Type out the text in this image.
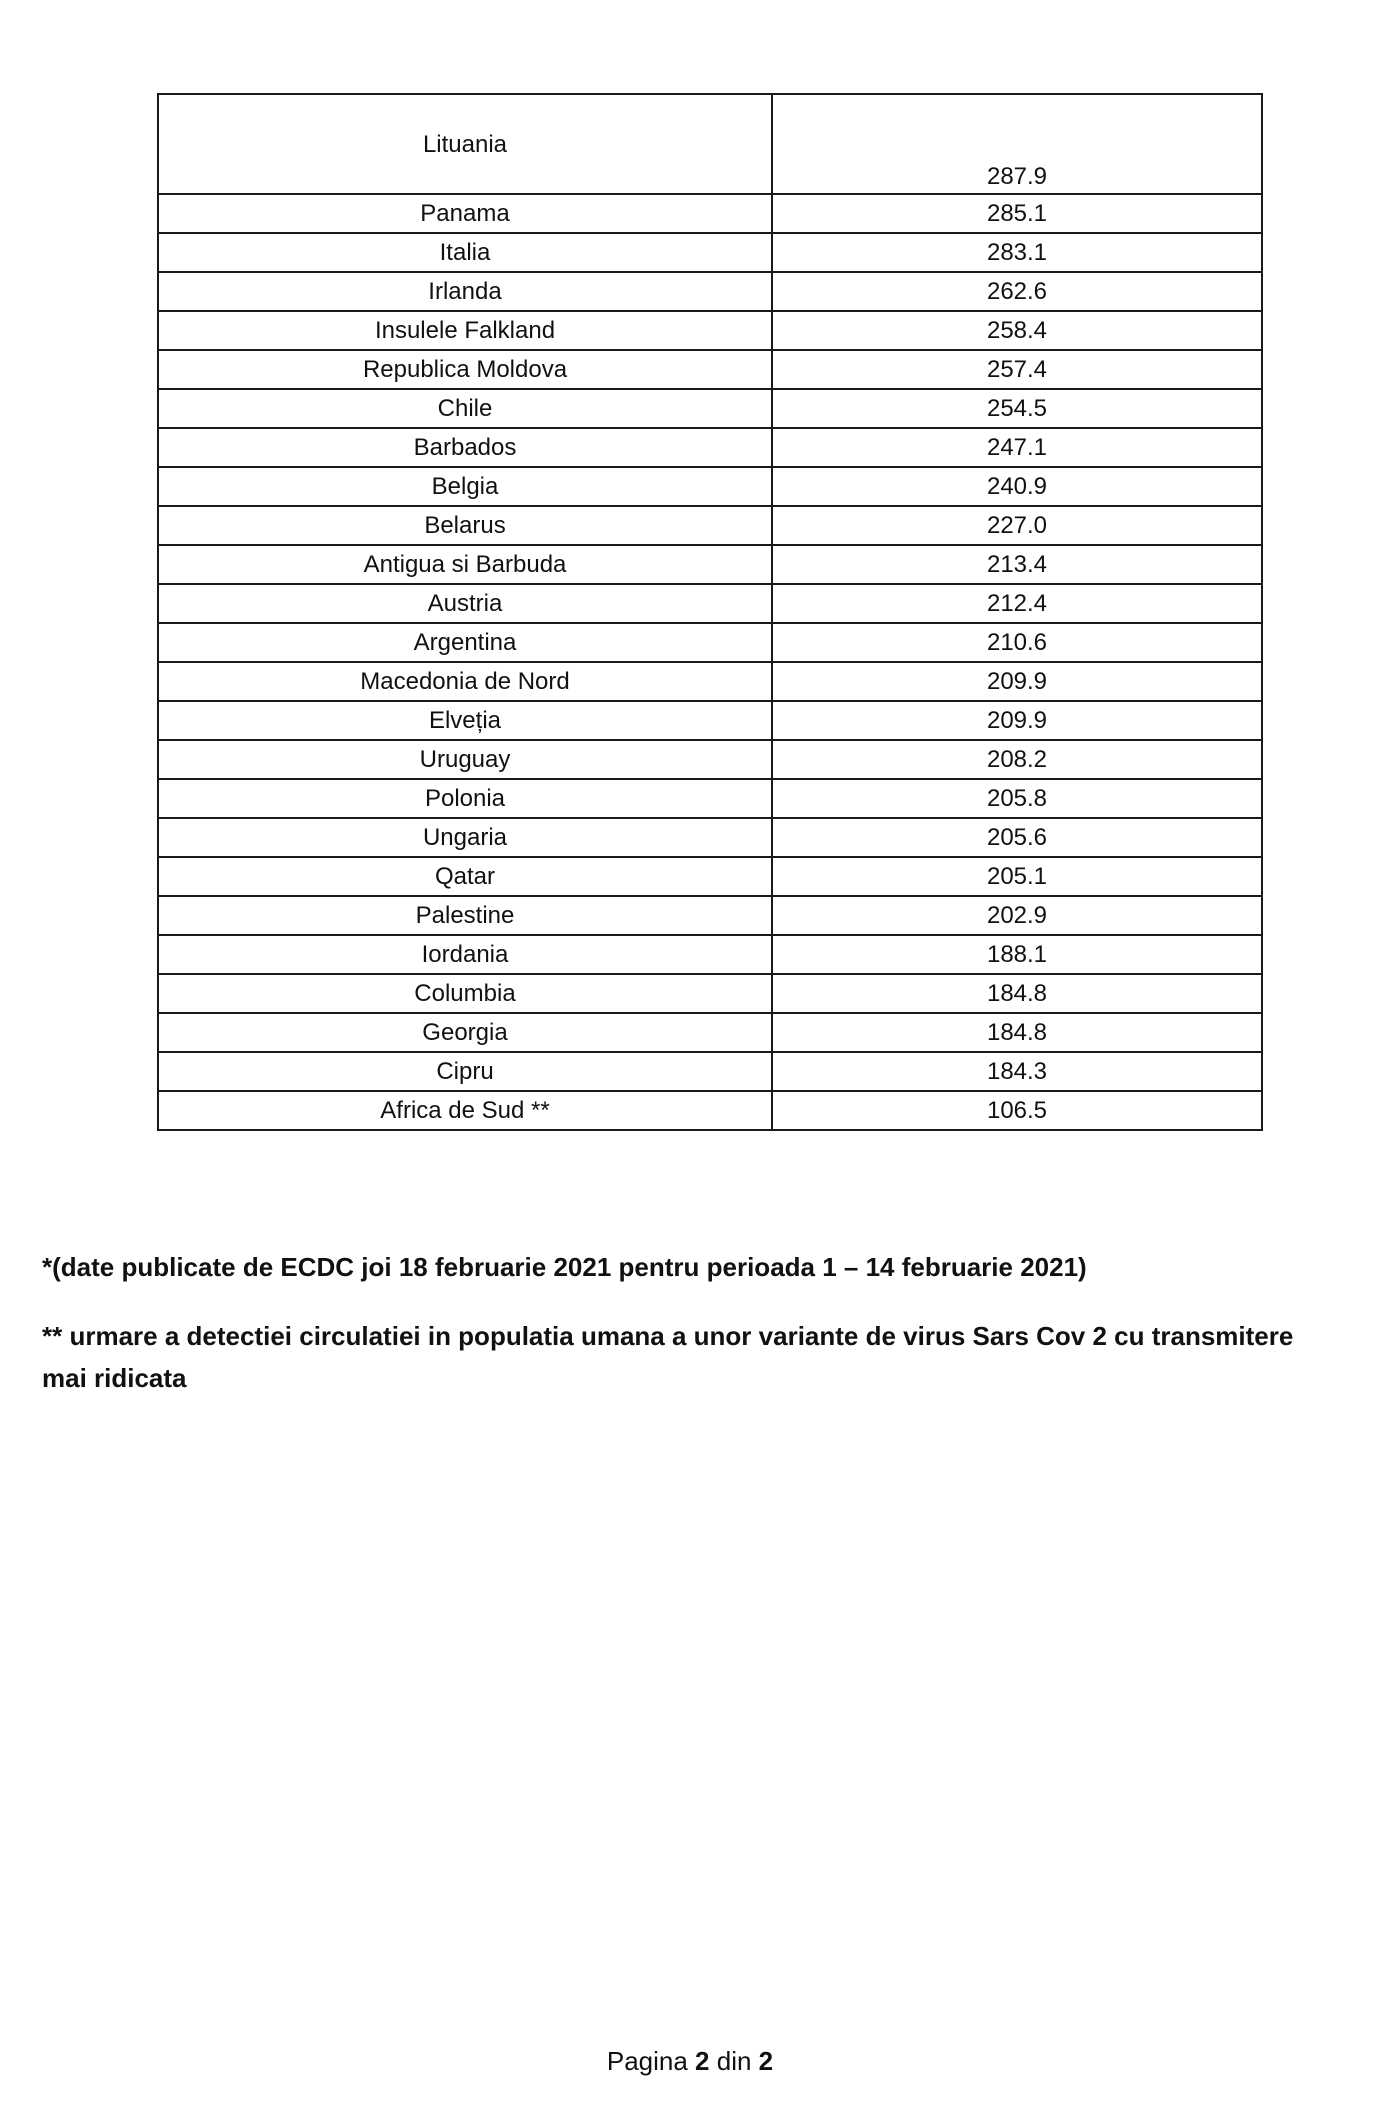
Lituania	287.9
Panama	285.1
Italia	283.1
Irlanda	262.6
Insulele Falkland	258.4
Republica Moldova	257.4
Chile	254.5
Barbados	247.1
Belgia	240.9
Belarus	227.0
Antigua si Barbuda	213.4
Austria	212.4
Argentina	210.6
Macedonia de Nord	209.9
Elveția	209.9
Uruguay	208.2
Polonia	205.8
Ungaria	205.6
Qatar	205.1
Palestine	202.9
Iordania	188.1
Columbia	184.8
Georgia	184.8
Cipru	184.3
Africa de Sud **	106.5

*(date publicate de ECDC joi 18 februarie 2021 pentru perioada 1 – 14 februarie 2021)

** urmare a detectiei circulatiei in populatia umana a unor variante de virus Sars Cov 2 cu transmitere mai ridicata

Pagina 2 din 2
